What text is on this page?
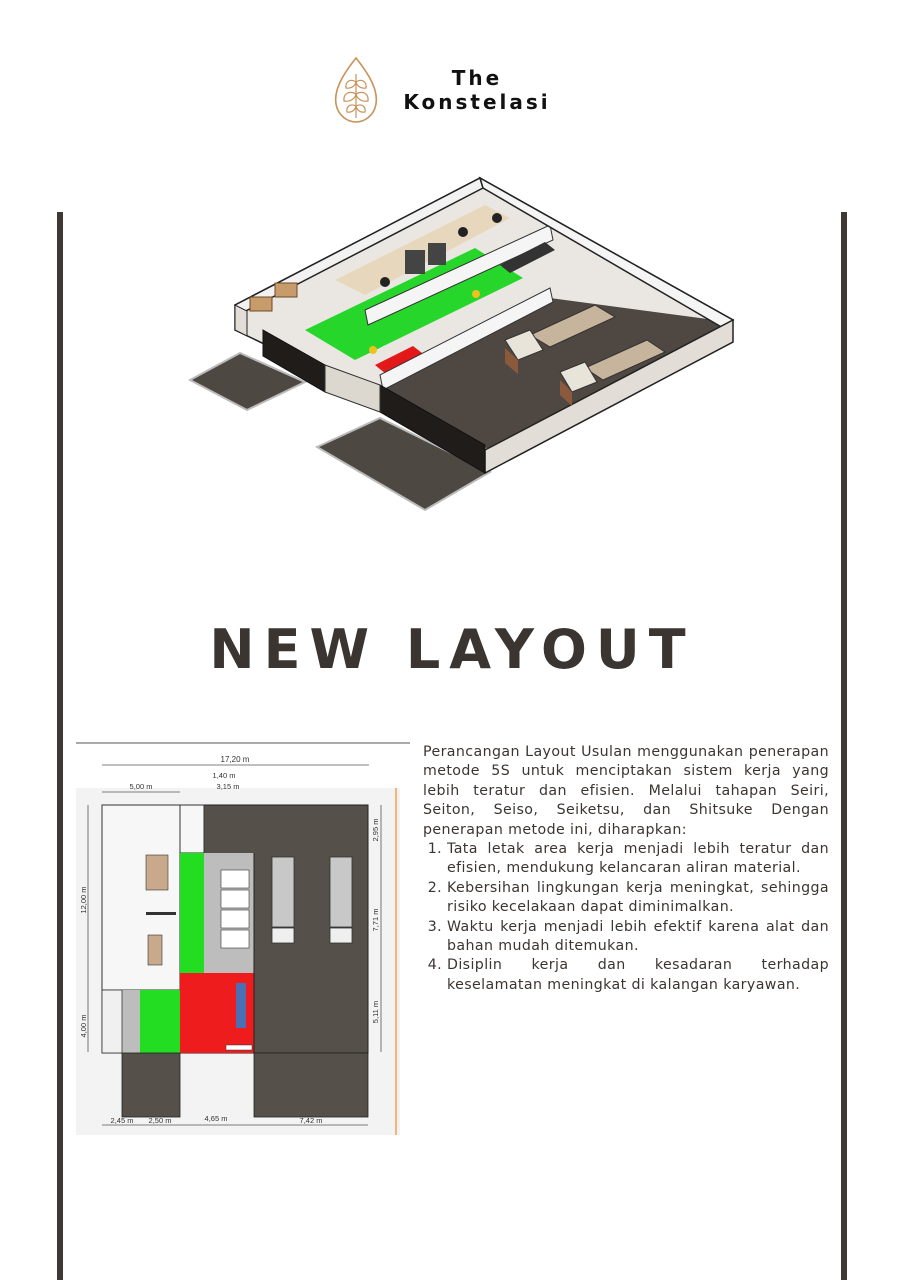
The
Konstelasi
NEW LAYOUT
17,20 m
5,00 m
1,40 m
3,15 m
12,00 m
4,00 m
2,95 m
7,71 m
5,11 m
2,45 m 2,50 m	4,65 m	7,42 m

Perancangan Layout Usulan menggunakan penerapan metode 5S untuk menciptakan sistem kerja yang lebih teratur dan efisien. Melalui tahapan Seiri, Seiton, Seiso, Seiketsu, dan Shitsuke Dengan penerapan metode ini, diharapkan:

1. Tata letak area kerja menjadi lebih teratur dan efisien, mendukung kelancaran aliran material.
2. Kebersihan lingkungan kerja meningkat, sehingga risiko kecelakaan dapat diminimalkan.
3. Waktu kerja menjadi lebih efektif karena alat dan bahan mudah ditemukan.
4. Disiplin kerja dan kesadaran terhadap keselamatan meningkat di kalangan karyawan.
